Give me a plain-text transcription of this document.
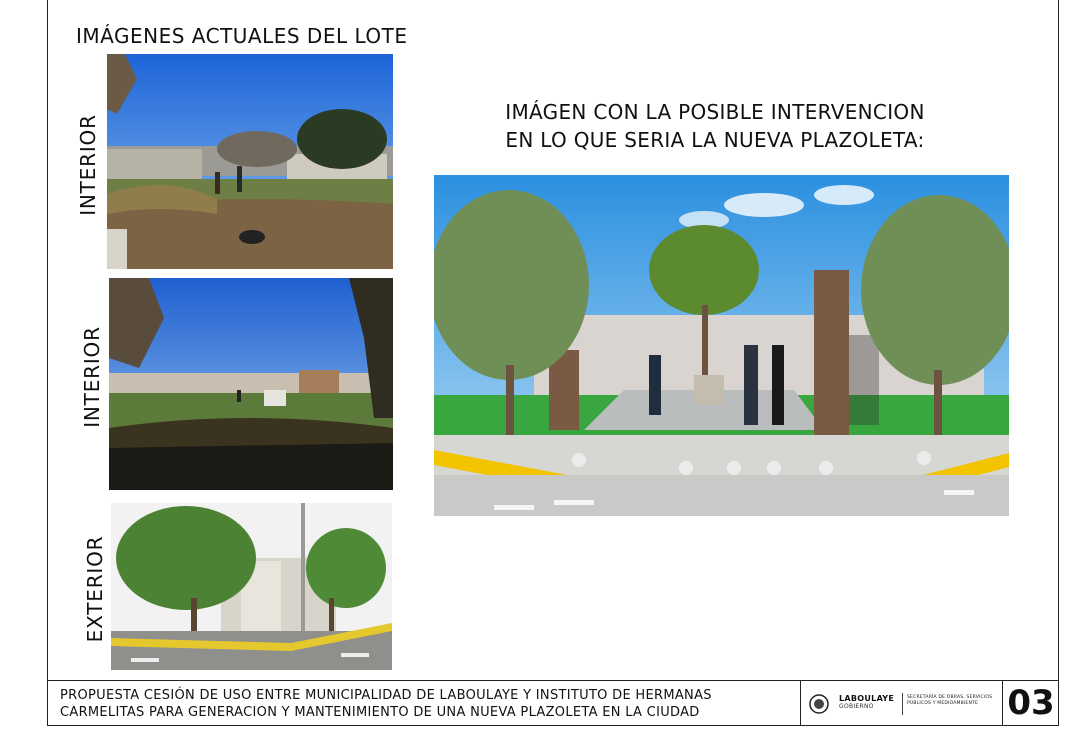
IMÁGENES ACTUALES DEL LOTE
INTERIOR
INTERIOR
EXTERIOR
IMÁGEN CON LA POSIBLE INTERVENCION
EN LO QUE SERIA LA NUEVA PLAZOLETA:
PROPUESTA CESIÓN DE USO ENTRE MUNICIPALIDAD DE LABOULAYE Y INSTITUTO DE HERMANAS
CARMELITAS PARA GENERACION Y MANTENIMIENTO DE UNA NUEVA PLAZOLETA EN LA CIUDAD
LABOULAYE
GOBIERNO
SECRETARÍA DE OBRAS, SERVICIOS
PÚBLICOS Y MEDIOAMBIENTE 03
